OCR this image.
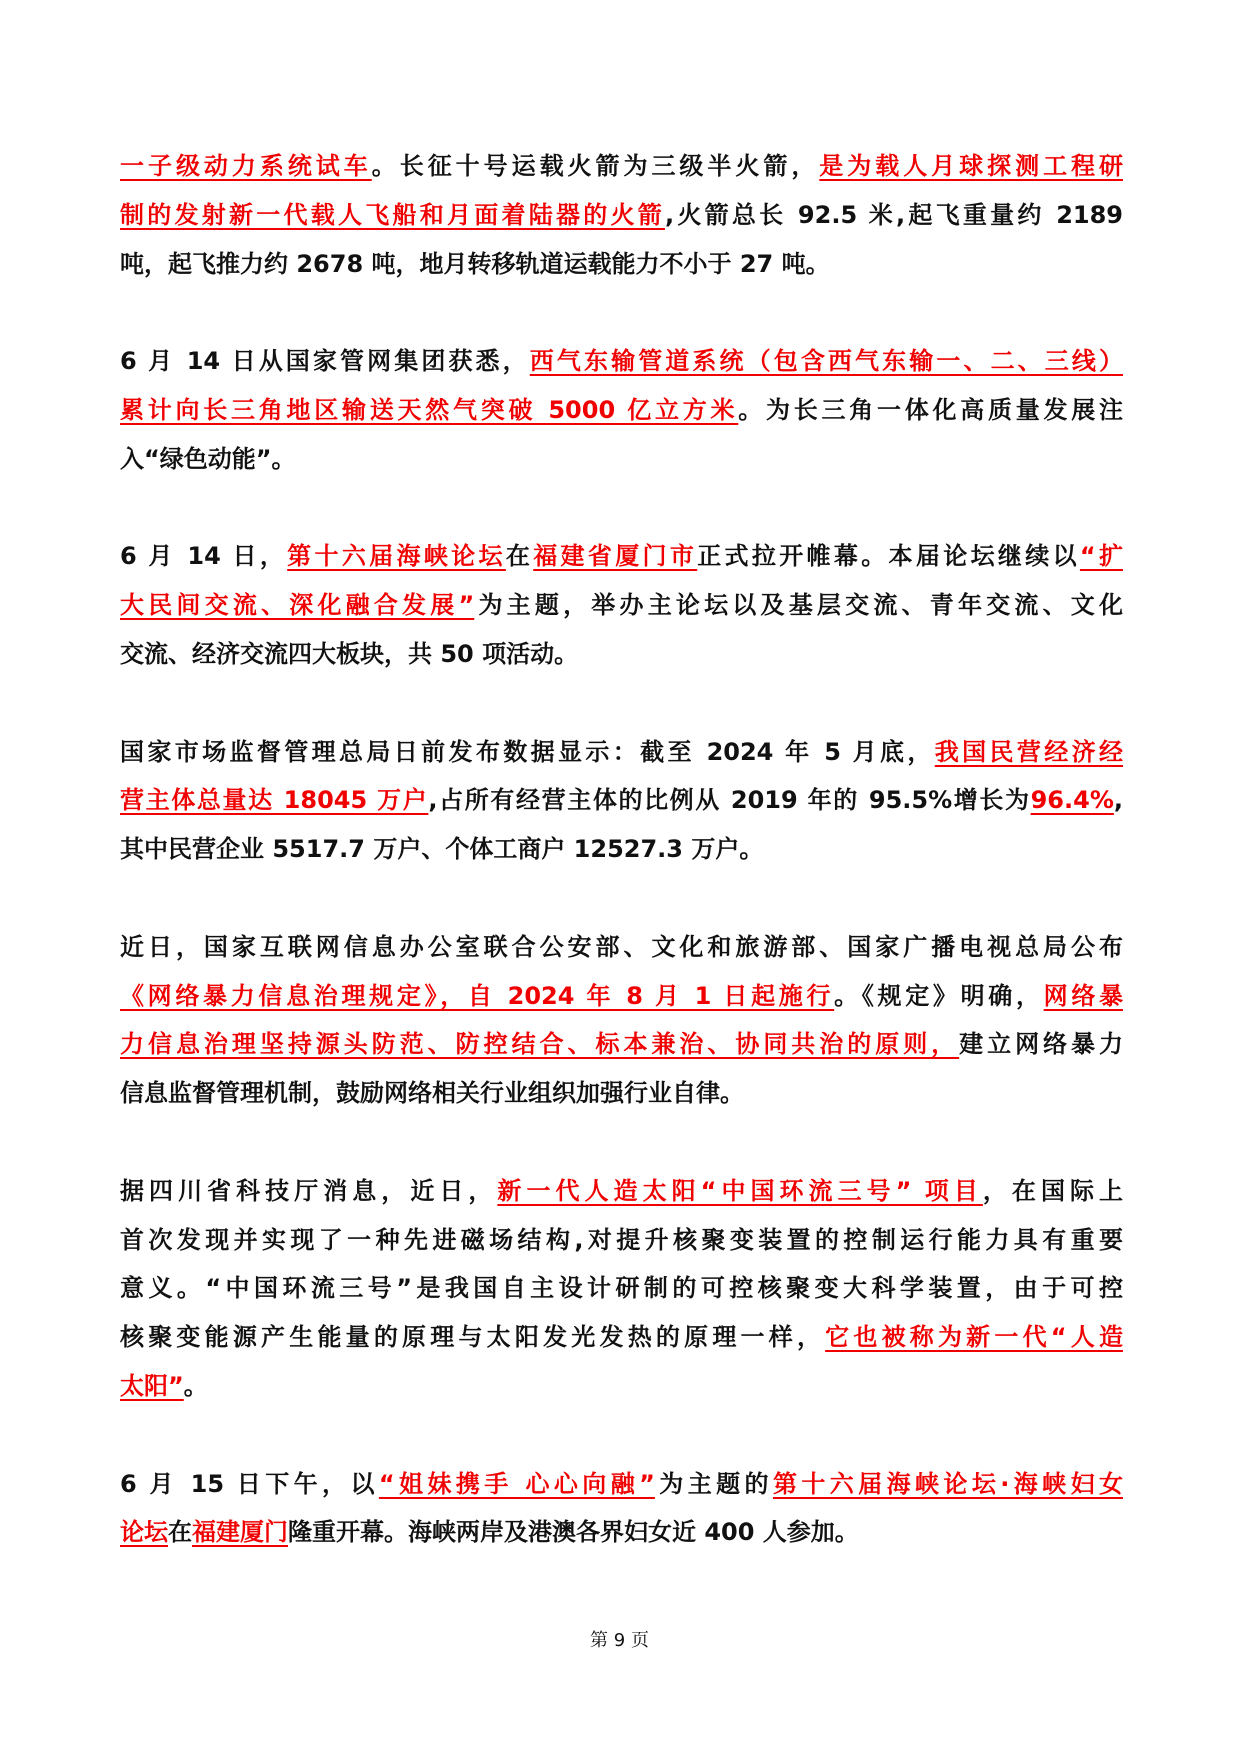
一子级动力系统试车。长征十号运载火箭为三级半火箭，是为载人月球探测工程研
制的发射新一代载人飞船和月面着陆器的火箭,火箭总长 92.5 米,起飞重量约 2189
吨，起飞推力约 2678 吨，地月转移轨道运载能力不小于 27 吨。
6 月 14 日从国家管网集团获悉，西气东输管道系统（包含西气东输一、二、三线）
累计向长三角地区输送天然气突破 5000 亿立方米。为长三角一体化高质量发展注
入“绿色动能”。
6 月 14 日，第十六届海峡论坛在福建省厦门市正式拉开帷幕。本届论坛继续以“扩
大民间交流、深化融合发展”为主题，举办主论坛以及基层交流、青年交流、文化
交流、经济交流四大板块，共 50 项活动。
国家市场监督管理总局日前发布数据显示：截至 2024 年 5 月底，我国民营经济经
营主体总量达 18045 万户,占所有经营主体的比例从 2019 年的 95.5%增长为96.4%,
其中民营企业 5517.7 万户、个体工商户 12527.3 万户。
近日，国家互联网信息办公室联合公安部、文化和旅游部、国家广播电视总局公布
《网络暴力信息治理规定》，自 2024 年 8 月 1 日起施行。《规定》明确，网络暴
力信息治理坚持源头防范、防控结合、标本兼治、协同共治的原则，建立网络暴力
信息监督管理机制，鼓励网络相关行业组织加强行业自律。
据四川省科技厅消息，近日，新一代人造太阳“中国环流三号” 项目，在国际上
首次发现并实现了一种先进磁场结构,对提升核聚变装置的控制运行能力具有重要
意义。“中国环流三号”是我国自主设计研制的可控核聚变大科学装置，由于可控
核聚变能源产生能量的原理与太阳发光发热的原理一样，它也被称为新一代“人造
太阳”。
6 月 15 日下午，以“姐妹携手 心心向融”为主题的第十六届海峡论坛·海峡妇女
论坛在福建厦门隆重开幕。海峡两岸及港澳各界妇女近 400 人参加。
第 9 页
